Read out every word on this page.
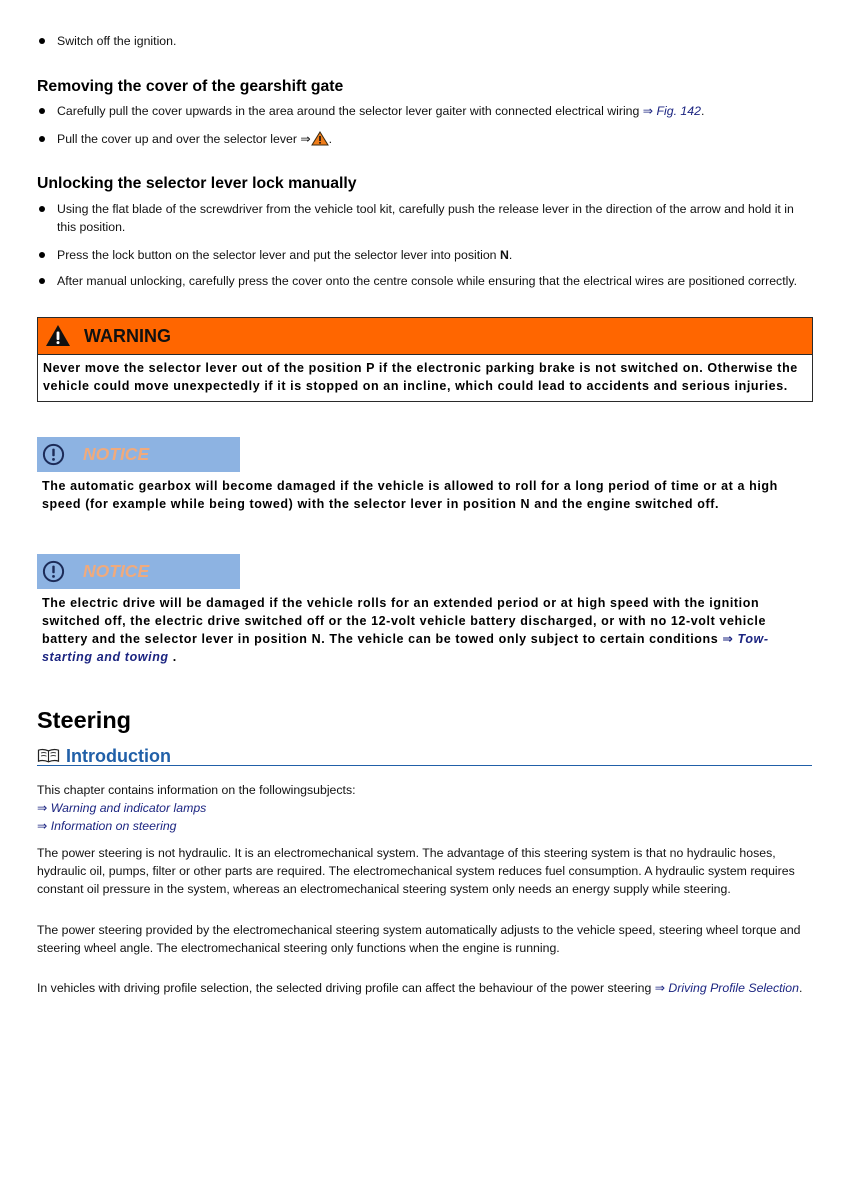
Switch off the ignition.
Removing the cover of the gearshift gate
Carefully pull the cover upwards in the area around the selector lever gaiter with connected electrical wiring ⇒ Fig. 142.
Pull the cover up and over the selector lever ⇒ .
Unlocking the selector lever lock manually
Using the flat blade of the screwdriver from the vehicle tool kit, carefully push the release lever in the direction of the arrow and hold it in this position.
Press the lock button on the selector lever and put the selector lever into position N.
After manual unlocking, carefully press the cover onto the centre console while ensuring that the electrical wires are positioned correctly.
WARNING

Never move the selector lever out of the position P if the electronic parking brake is not switched on. Otherwise the vehicle could move unexpectedly if it is stopped on an incline, which could lead to accidents and serious injuries.

NOTICE
The automatic gearbox will become damaged if the vehicle is allowed to roll for a long period of time or at a high speed (for example while being towed) with the selector lever in position N and the engine switched off.
NOTICE
The electric drive will be damaged if the vehicle rolls for an extended period or at high speed with the ignition switched off, the electric drive switched off or the 12-volt vehicle battery discharged, or with no 12-volt vehicle battery and the selector lever in position N. The vehicle can be towed only subject to certain conditions ⇒ Tow-starting and towing .
Steering
Introduction

This chapter contains information on the followingsubjects:

⇒ Warning and indicator lamps
⇒ Information on steering

The power steering is not hydraulic. It is an electromechanical system. The advantage of this steering system is that no hydraulic hoses, hydraulic oil, pumps, filter or other parts are required. The electromechanical system reduces fuel consumption. A hydraulic system requires constant oil pressure in the system, whereas an electromechanical steering system only needs an energy supply while steering.

The power steering provided by the electromechanical steering system automatically adjusts to the vehicle speed, steering wheel torque and steering wheel angle. The electromechanical steering only functions when the engine is running.

In vehicles with driving profile selection, the selected driving profile can affect the behaviour of the power steering ⇒ Driving Profile Selection.
